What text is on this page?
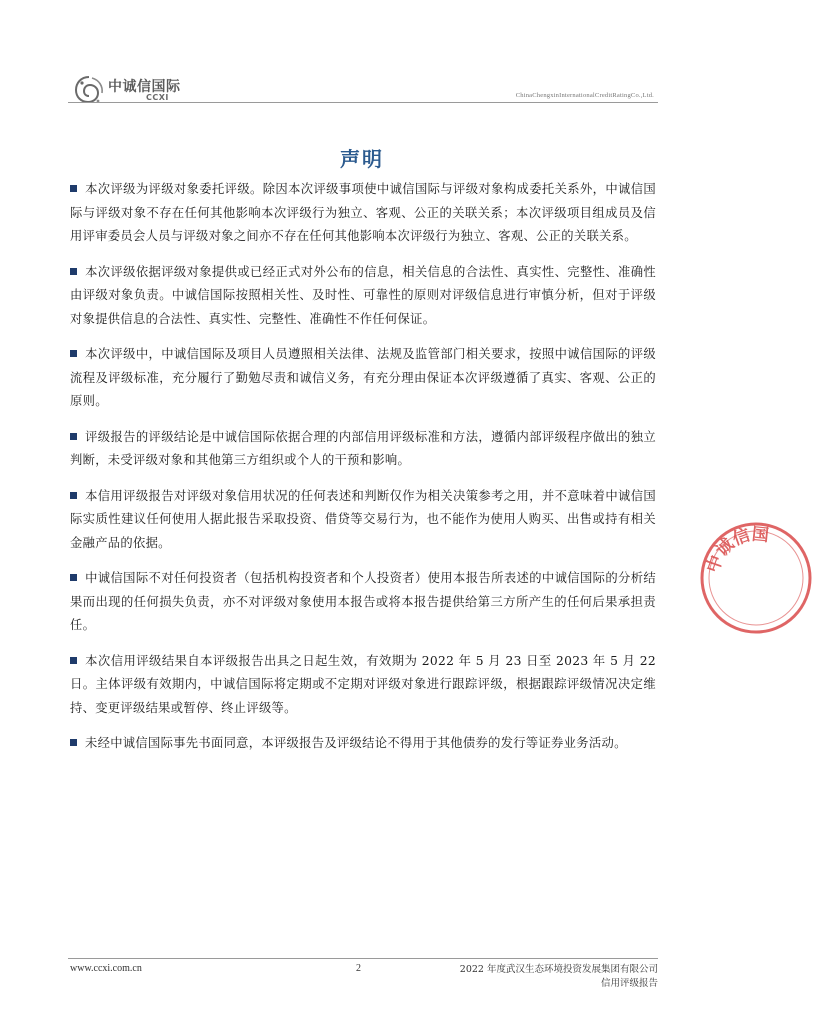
中诚信国际
CCXI	ChinaChengxinInternationalCreditRatingCo.,Ltd.
声明

本次评级为评级对象委托评级。除因本次评级事项使中诚信国际与评级对象构成委托关系外，中诚信国际与评级对象不存在任何其他影响本次评级行为独立、客观、公正的关联关系；本次评级项目组成员及信用评审委员会人员与评级对象之间亦不存在任何其他影响本次评级行为独立、客观、公正的关联关系。

本次评级依据评级对象提供或已经正式对外公布的信息，相关信息的合法性、真实性、完整性、准确性由评级对象负责。中诚信国际按照相关性、及时性、可靠性的原则对评级信息进行审慎分析，但对于评级对象提供信息的合法性、真实性、完整性、准确性不作任何保证。

本次评级中，中诚信国际及项目人员遵照相关法律、法规及监管部门相关要求，按照中诚信国际的评级流程及评级标准，充分履行了勤勉尽责和诚信义务，有充分理由保证本次评级遵循了真实、客观、公正的原则。

评级报告的评级结论是中诚信国际依据合理的内部信用评级标准和方法，遵循内部评级程序做出的独立判断，未受评级对象和其他第三方组织或个人的干预和影响。

本信用评级报告对评级对象信用状况的任何表述和判断仅作为相关决策参考之用，并不意味着中诚信国际实质性建议任何使用人据此报告采取投资、借贷等交易行为，也不能作为使用人购买、出售或持有相关金融产品的依据。

中诚信国际不对任何投资者（包括机构投资者和个人投资者）使用本报告所表述的中诚信国际的分析结果而出现的任何损失负责，亦不对评级对象使用本报告或将本报告提供给第三方所产生的任何后果承担责任。

本次信用评级结果自本评级报告出具之日起生效，有效期为 2022 年 5 月 23 日至 2023 年 5 月 22 日。主体评级有效期内，中诚信国际将定期或不定期对评级对象进行跟踪评级，根据跟踪评级情况决定维持、变更评级结果或暂停、终止评级等。

未经中诚信国际事先书面同意，本评级报告及评级结论不得用于其他债券的发行等证券业务活动。

中诚信国
www.ccxi.com.cn	2	2022 年度武汉生态环境投资发展集团有限公司
信用评级报告
